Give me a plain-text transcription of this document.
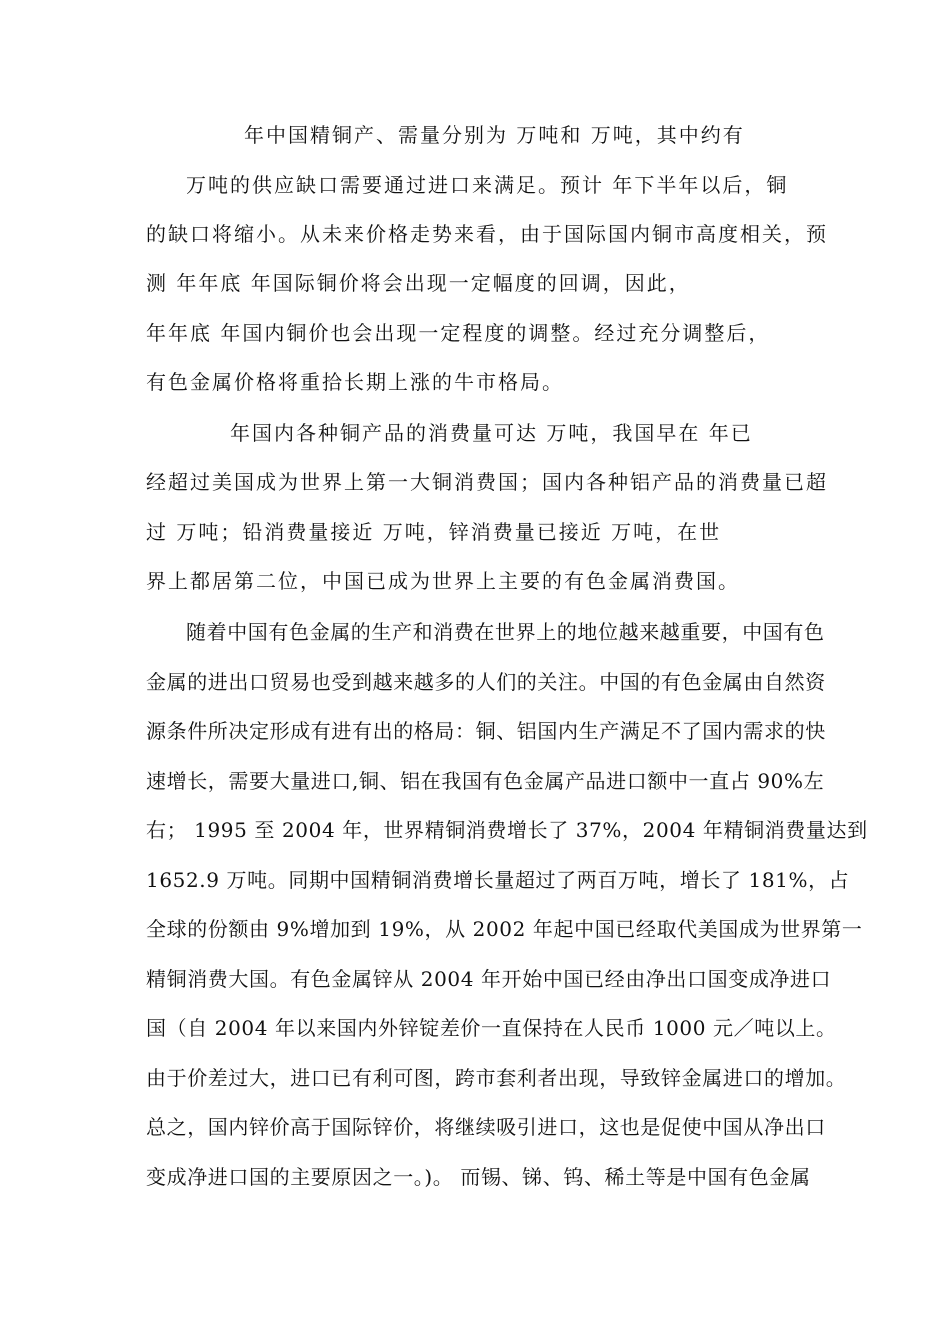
年中国精铜产、需量分别为 万吨和 万吨，其中约有
万吨的供应缺口需要通过进口来满足。预计 年下半年以后，铜
的缺口将缩小。从未来价格走势来看，由于国际国内铜市高度相关，预
测 年年底 年国际铜价将会出现一定幅度的回调，因此，
年年底 年国内铜价也会出现一定程度的调整。经过充分调整后，
有色金属价格将重拾长期上涨的牛市格局。
年国内各种铜产品的消费量可达 万吨，我国早在 年已
经超过美国成为世界上第一大铜消费国；国内各种铝产品的消费量已超
过 万吨；铅消费量接近 万吨，锌消费量已接近 万吨，在世
界上都居第二位，中国已成为世界上主要的有色金属消费国。
随着中国有色金属的生产和消费在世界上的地位越来越重要，中国有色
金属的进出口贸易也受到越来越多的人们的关注。中国的有色金属由自然资
源条件所决定形成有进有出的格局：铜、铝国内生产满足不了国内需求的快
速增长，需要大量进口,铜、铝在我国有色金属产品进口额中一直占 90%左
右； 1995 至 2004 年，世界精铜消费增长了 37%，2004 年精铜消费量达到
1652.9 万吨。同期中国精铜消费增长量超过了两百万吨，增长了 181%，占
全球的份额由 9%增加到 19%，从 2002 年起中国已经取代美国成为世界第一
精铜消费大国。有色金属锌从 2004 年开始中国已经由净出口国变成净进口
国（自 2004 年以来国内外锌锭差价一直保持在人民币 1000 元／吨以上。
由于价差过大，进口已有利可图，跨市套利者出现，导致锌金属进口的增加。
总之，国内锌价高于国际锌价，将继续吸引进口，这也是促使中国从净出口
变成净进口国的主要原因之一。)。 而锡、锑、钨、稀土等是中国有色金属
